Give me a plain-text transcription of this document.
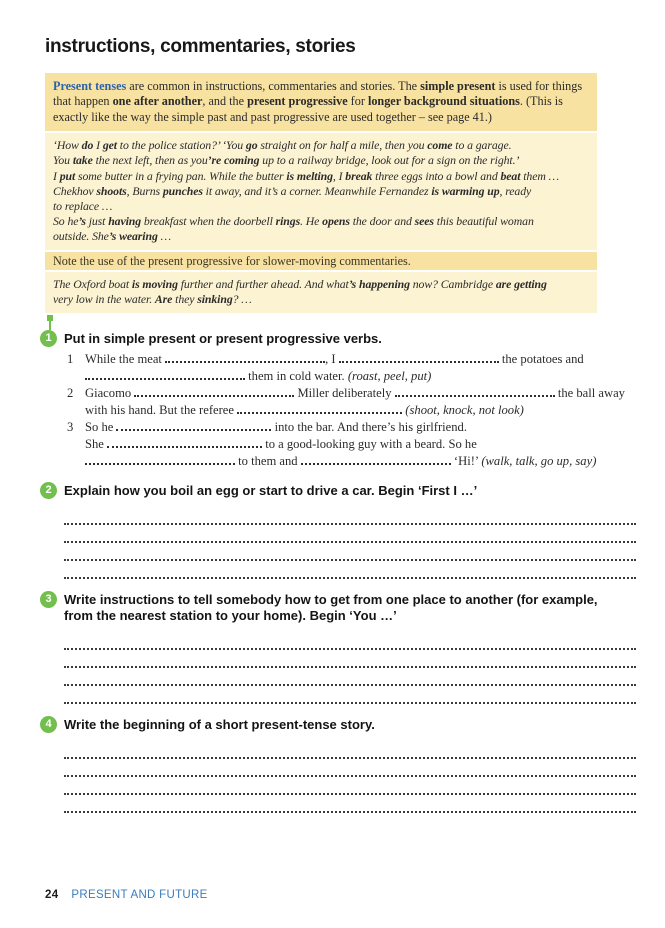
instructions, commentaries, stories

Present tenses are common in instructions, commentaries and stories. The simple present is used for things that happen one after another, and the present progressive for longer background situations. (This is exactly like the way the simple past and past progressive are used together – see page 41.)

‘How do I get to the police station?’ ‘You go straight on for half a mile, then you come to a garage.
You take the next left, then as you’re coming up to a railway bridge, look out for a sign on the right.’
I put some butter in a frying pan. While the butter is melting, I break three eggs into a bowl and beat them …
Chekhov shoots, Burns punches it away, and it’s a corner. Meanwhile Fernandez is warming up, ready
to replace …
So he’s just having breakfast when the doorbell rings. He opens the door and sees this beautiful woman
outside. She’s wearing …

Note the use of the present progressive for slower-moving commentaries.

The Oxford boat is moving further and further ahead. And what’s happening now? Cambridge are getting
very low in the water. Are they sinking? …
1 Put in simple present or present progressive verbs.
1 While the meat	, I	the potatoes and
them in cold water. (roast, peel, put)
2 Giacomo	Miller deliberately	the ball away
with his hand. But the referee	(shoot, knock, not look)
3 So he	into the bar. And there’s his girlfriend.
She	to a good-looking guy with a beard. So he
to them and	‘Hi!’ (walk, talk, go up, say)
2 Explain how you boil an egg or start to drive a car. Begin ‘First I …’
3 Write instructions to tell somebody how to get from one place to another (for example, from the nearest station to your home). Begin ‘You …’
4 Write the beginning of a short present-tense story.
24 PRESENT AND FUTURE
